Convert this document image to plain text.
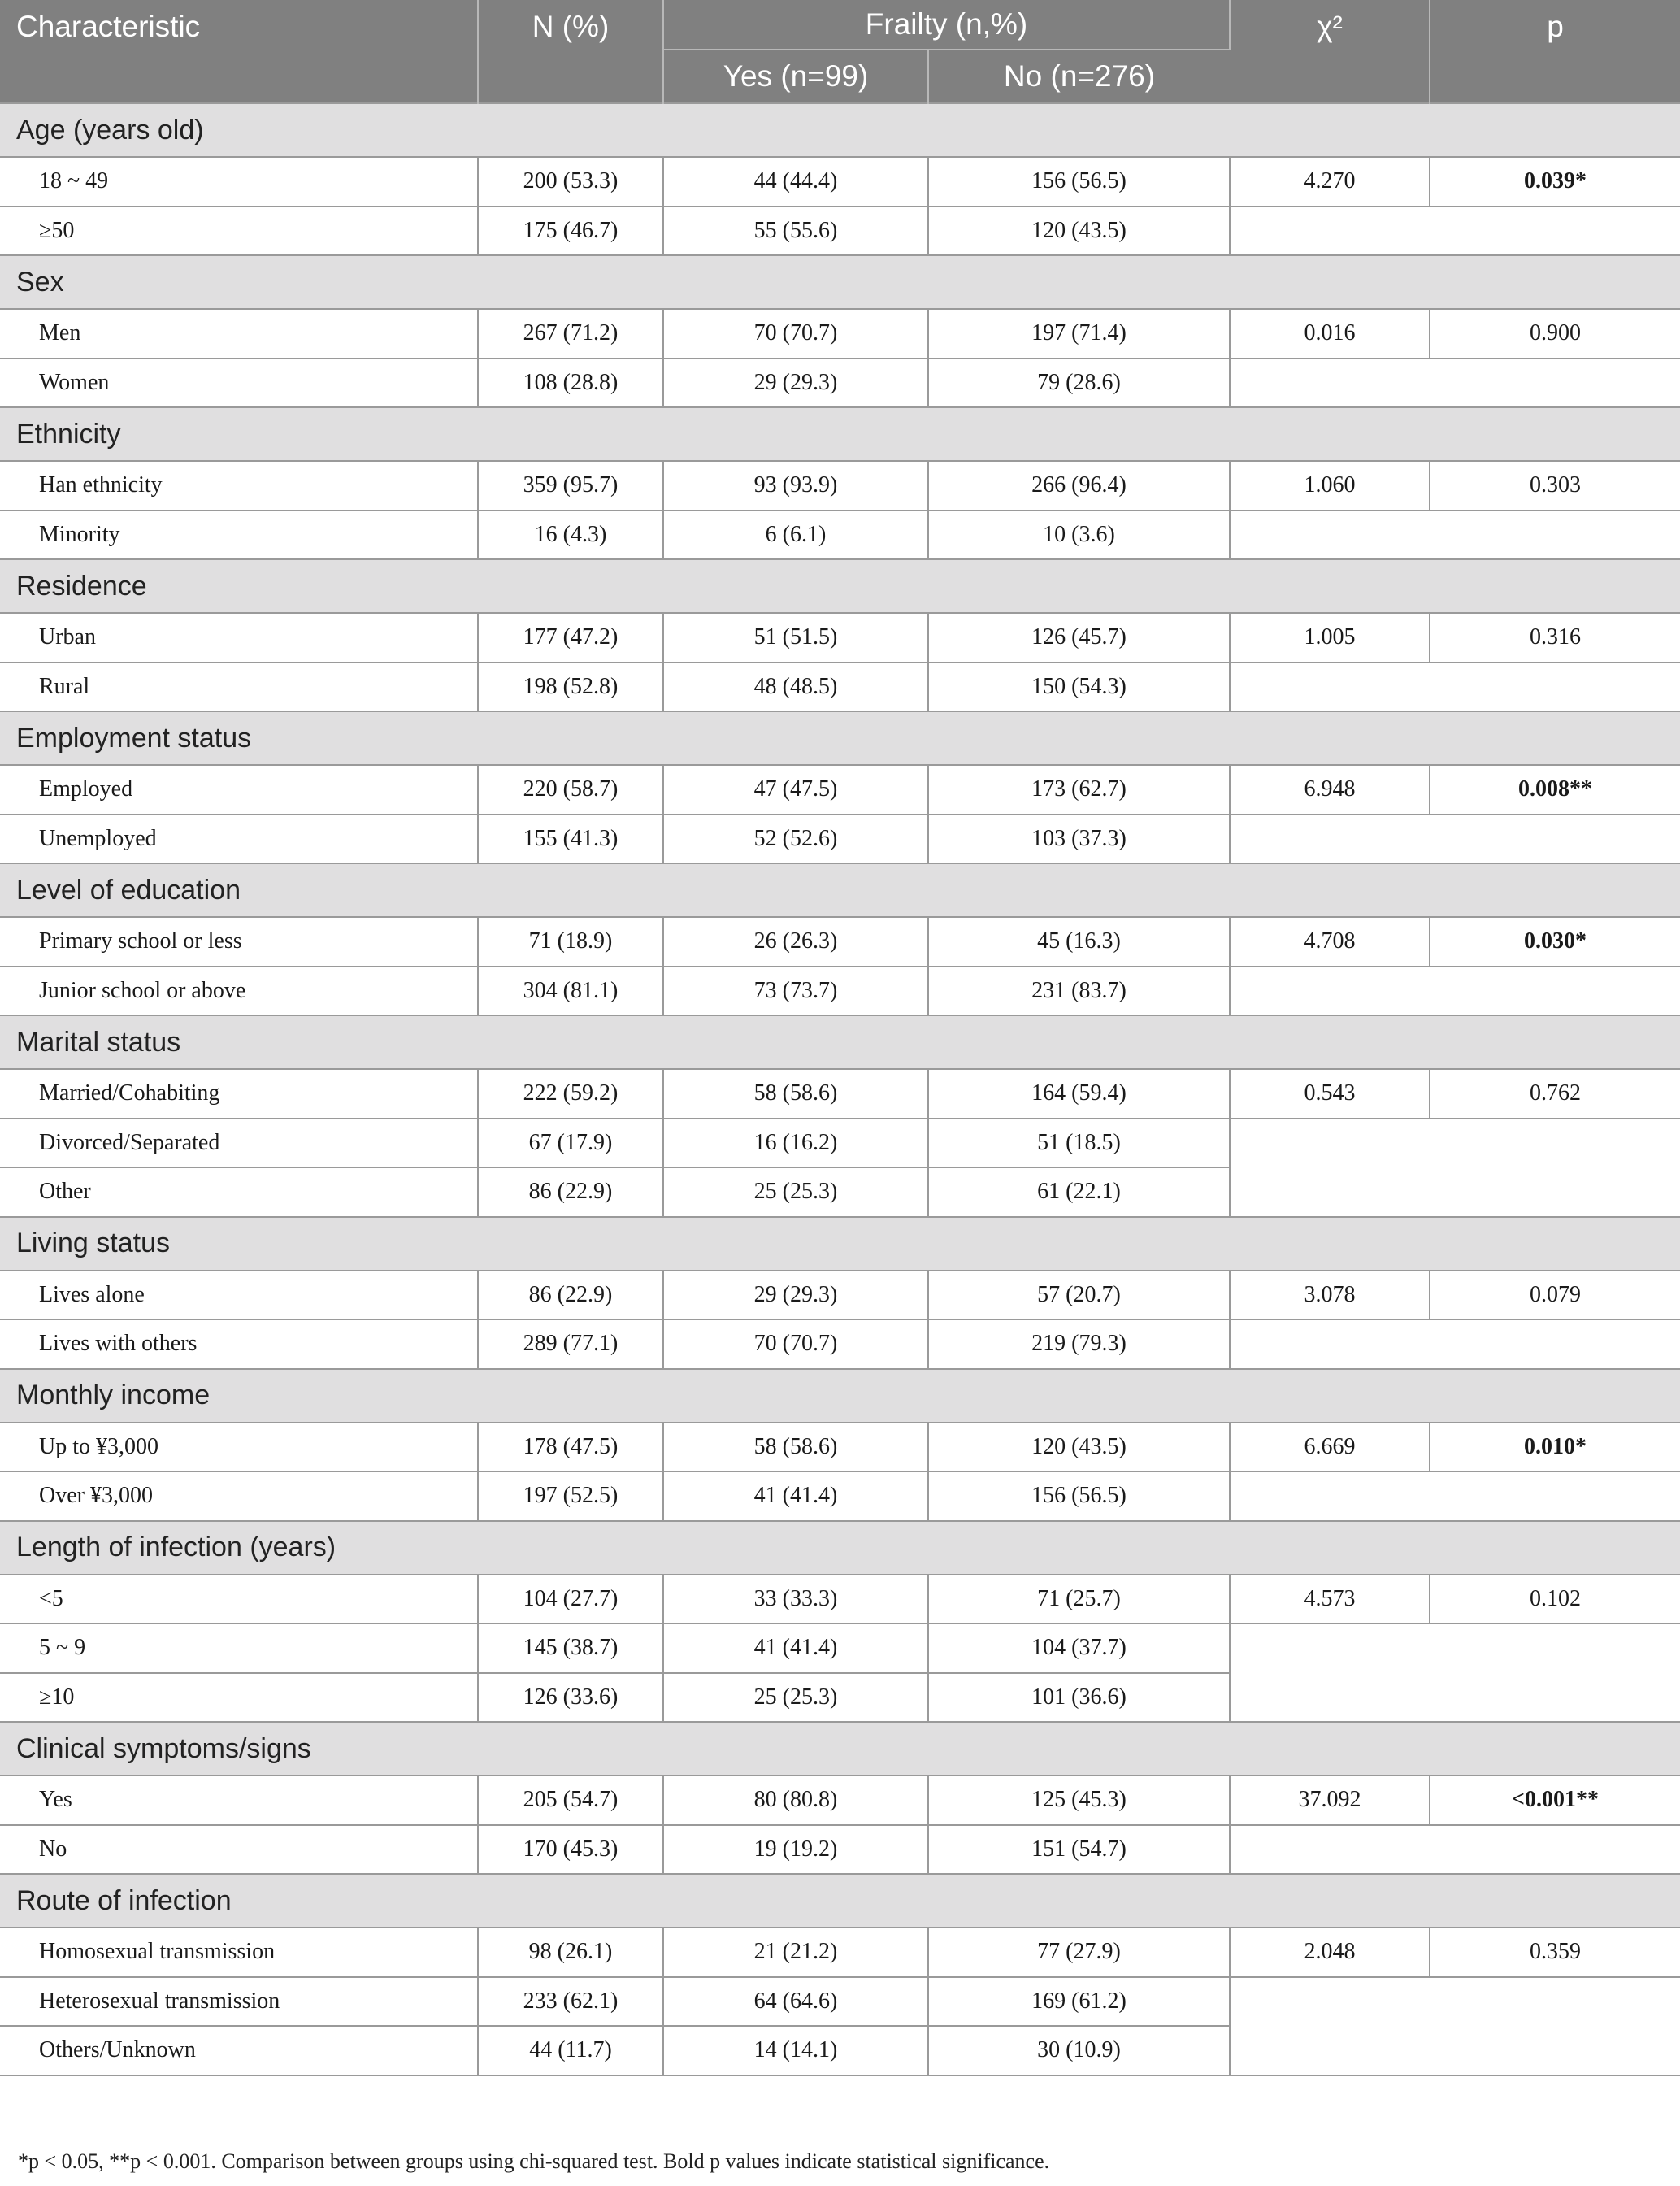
Characteristic	N (%)	Frailty (n,%)		χ²	p
		Yes (n=99)	No (n=276)		
Age (years old)					
18 ~ 49	200 (53.3)	44 (44.4)	156 (56.5)	4.270	0.039*
≥50	175 (46.7)	55 (55.6)	120 (43.5)		
Sex					
Men	267 (71.2)	70 (70.7)	197 (71.4)	0.016	0.900
Women	108 (28.8)	29 (29.3)	79 (28.6)		
Ethnicity					
Han ethnicity	359 (95.7)	93 (93.9)	266 (96.4)	1.060	0.303
Minority	16 (4.3)	6 (6.1)	10 (3.6)		
Residence					
Urban	177 (47.2)	51 (51.5)	126 (45.7)	1.005	0.316
Rural	198 (52.8)	48 (48.5)	150 (54.3)		
Employment status					
Employed	220 (58.7)	47 (47.5)	173 (62.7)	6.948	0.008**
Unemployed	155 (41.3)	52 (52.6)	103 (37.3)		
Level of education					
Primary school or less	71 (18.9)	26 (26.3)	45 (16.3)	4.708	0.030*
Junior school or above	304 (81.1)	73 (73.7)	231 (83.7)		
Marital status					
Married/Cohabiting	222 (59.2)	58 (58.6)	164 (59.4)	0.543	0.762
Divorced/Separated	67 (17.9)	16 (16.2)	51 (18.5)		
Other	86 (22.9)	25 (25.3)	61 (22.1)		
Living status					
Lives alone	86 (22.9)	29 (29.3)	57 (20.7)	3.078	0.079
Lives with others	289 (77.1)	70 (70.7)	219 (79.3)		
Monthly income					
Up to ¥3,000	178 (47.5)	58 (58.6)	120 (43.5)	6.669	0.010*
Over ¥3,000	197 (52.5)	41 (41.4)	156 (56.5)		
Length of infection (years)					
<5	104 (27.7)	33 (33.3)	71 (25.7)	4.573	0.102
5 ~ 9	145 (38.7)	41 (41.4)	104 (37.7)		
≥10	126 (33.6)	25 (25.3)	101 (36.6)		
Clinical symptoms/signs					
Yes	205 (54.7)	80 (80.8)	125 (45.3)	37.092	<0.001**
No	170 (45.3)	19 (19.2)	151 (54.7)		
Route of infection					
Homosexual transmission	98 (26.1)	21 (21.2)	77 (27.9)	2.048	0.359
Heterosexual transmission	233 (62.1)	64 (64.6)	169 (61.2)		
Others/Unknown	44 (11.7)	14 (14.1)	30 (10.9)		
*p < 0.05, **p < 0.001. Comparison between groups using chi-squared test. Bold p values indicate statistical significance.
